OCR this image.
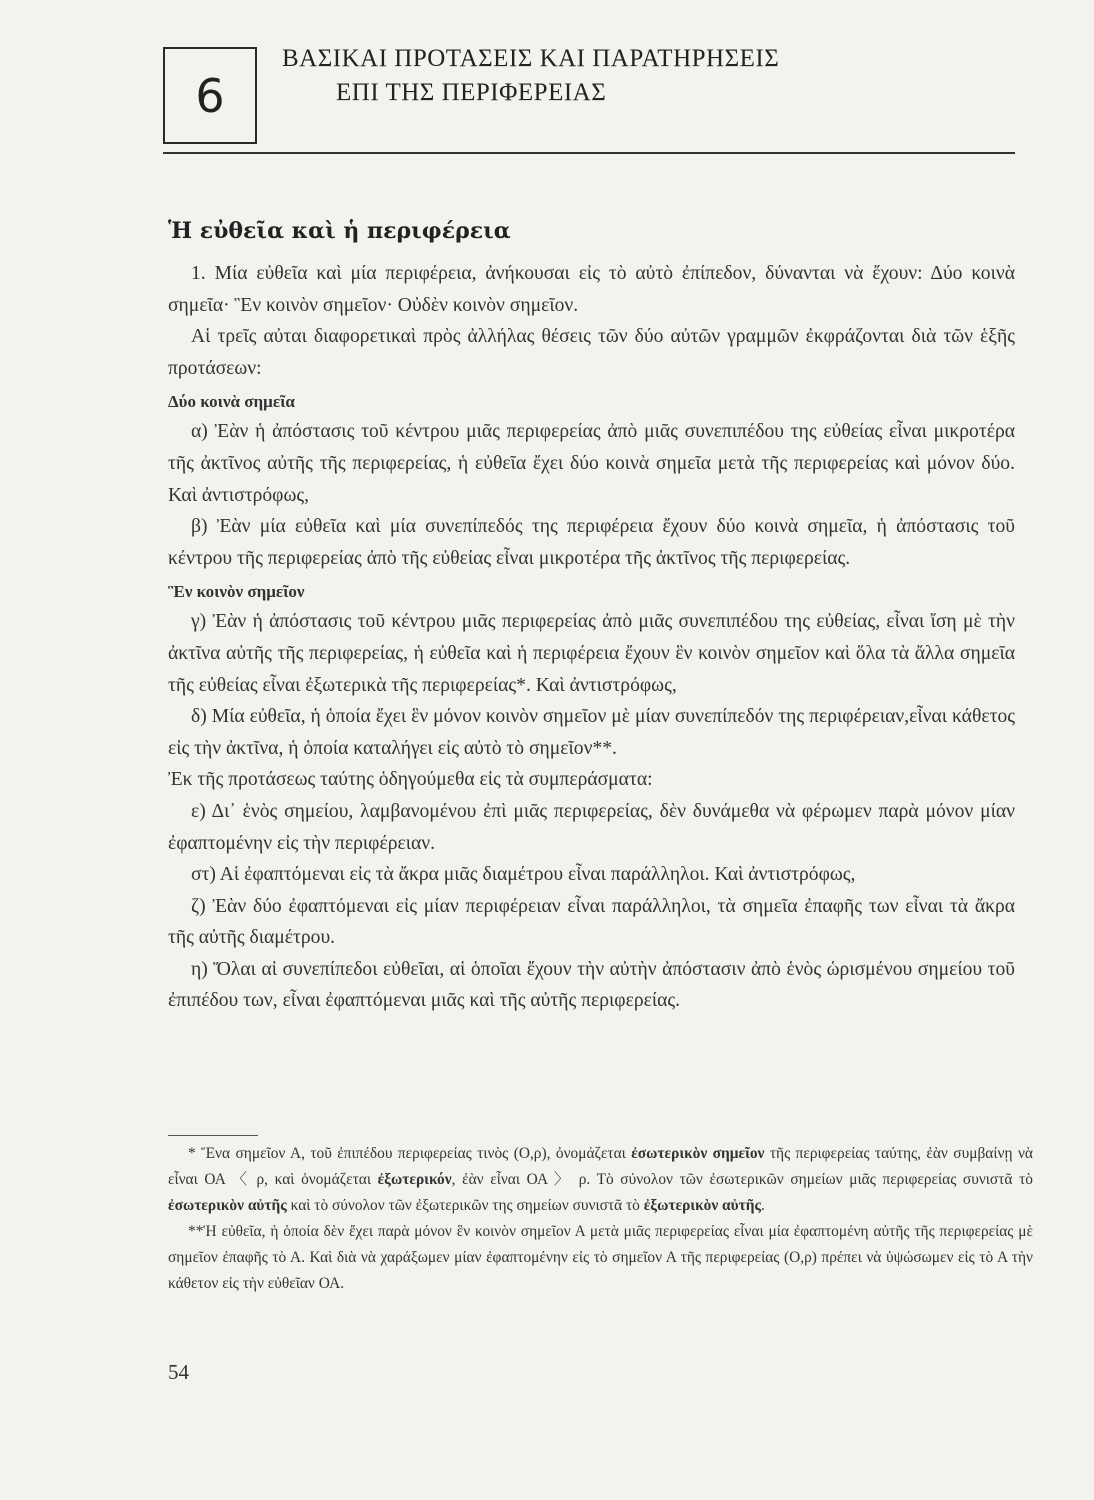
6
ΒΑΣΙΚΑΙ ΠΡΟΤΑΣΕΙΣ ΚΑΙ ΠΑΡΑΤΗΡΗΣΕΙΣ
ΕΠΙ ΤΗΣ ΠΕΡΙΦΕΡΕΙΑΣ
Ἡ εὐθεῖα καὶ ἡ περιφέρεια

1. Μία εὐθεῖα καὶ μία περιφέρεια, ἀνήκουσαι εἰς τὸ αὐτὸ ἐπίπεδον, δύνανται νὰ ἔχουν: Δύο κοινὰ σημεῖα· Ἓν κοινὸν σημεῖον· Οὐδὲν κοινὸν σημεῖον.

Αἱ τρεῖς αὐται διαφορετικαὶ πρὸς ἀλλήλας θέσεις τῶν δύο αὐτῶν γραμμῶν ἐκφράζονται διὰ τῶν ἑξῆς προτάσεων:

Δύο κοινὰ σημεῖα

α) Ἐὰν ἡ ἀπόστασις τοῦ κέντρου μιᾶς περιφερείας ἀπὸ μιᾶς συνεπιπέδου της εὐθείας εἶναι μικροτέρα τῆς ἀκτῖνος αὐτῆς τῆς περιφερείας, ἡ εὐθεῖα ἔχει δύο κοινὰ σημεῖα μετὰ τῆς περιφερείας καὶ μόνον δύο. Καὶ ἀντιστρόφως,

β) Ἐὰν μία εὐθεῖα καὶ μία συνεπίπεδός της περιφέρεια ἔχουν δύο κοινὰ σημεῖα, ἡ ἀπόστασις τοῦ κέντρου τῆς περιφερείας ἀπὸ τῆς εὐθείας εἶναι μικροτέρα τῆς ἀκτῖνος τῆς περιφερείας.

Ἓν κοινὸν σημεῖον

γ) Ἐὰν ἡ ἀπόστασις τοῦ κέντρου μιᾶς περιφερείας ἀπὸ μιᾶς συνεπιπέδου της εὐθείας, εἶναι ἴση μὲ τὴν ἀκτῖνα αὐτῆς τῆς περιφερείας, ἡ εὐθεῖα καὶ ἡ περιφέρεια ἔχουν ἓν κοινὸν σημεῖον καὶ ὅλα τὰ ἄλλα σημεῖα τῆς εὐθείας εἶναι ἐξωτερικὰ τῆς περιφερείας*. Καὶ ἀντιστρόφως,

δ) Μία εὐθεῖα, ἡ ὁποία ἔχει ἓν μόνον κοινὸν σημεῖον μὲ μίαν συνεπίπεδόν της περιφέρειαν,εἶναι κάθετος εἰς τὴν ἀκτῖνα, ἡ ὁποία καταλήγει εἰς αὐτὸ τὸ σημεῖον**.

Ἐκ τῆς προτάσεως ταύτης ὁδηγούμεθα εἰς τὰ συμπεράσματα:

ε) Δι᾽ ἑνὸς σημείου, λαμβανομένου ἐπὶ μιᾶς περιφερείας, δὲν δυνάμεθα νὰ φέρωμεν παρὰ μόνον μίαν ἐφαπτομένην εἰς τὴν περιφέρειαν.

στ) Αἱ ἐφαπτόμεναι εἰς τὰ ἄκρα μιᾶς διαμέτρου εἶναι παράλληλοι. Καὶ ἀντιστρόφως,

ζ) Ἐὰν δύο ἐφαπτόμεναι εἰς μίαν περιφέρειαν εἶναι παράλληλοι, τὰ σημεῖα ἐπαφῆς των εἶναι τὰ ἄκρα τῆς αὐτῆς διαμέτρου.

η) Ὅλαι αἱ συνεπίπεδοι εὐθεῖαι, αἱ ὁποῖαι ἔχουν τὴν αὐτὴν ἀπόστασιν ἀπὸ ἑνὸς ὡρισμένου σημείου τοῦ ἐπιπέδου των, εἶναι ἐφαπτόμεναι μιᾶς καὶ τῆς αὐτῆς περιφερείας.

* Ἕνα σημεῖον Α, τοῦ ἐπιπέδου περιφερείας τινὸς (Ο,ρ), ὀνομάζεται ἐσωτερικὸν σημεῖον τῆς περιφερείας ταύτης, ἐὰν συμβαίνῃ νὰ εἶναι ΟΑ 〈 ρ, καὶ ὀνομάζεται ἐξωτερικόν, ἐὰν εἶναι ΟΑ 〉 ρ. Τὸ σύνολον τῶν ἐσωτερικῶν σημείων μιᾶς περιφερείας συνιστᾶ τὸ ἐσωτερικὸν αὐτῆς καὶ τὸ σύνολον τῶν ἐξωτερικῶν της σημείων συνιστᾶ τὸ ἐξωτερικὸν αὐτῆς.

**Ἡ εὐθεῖα, ἡ ὁποία δὲν ἔχει παρὰ μόνον ἓν κοινὸν σημεῖον Α μετὰ μιᾶς περιφερείας εἶναι μία ἐφαπτομένη αὐτῆς τῆς περιφερείας μὲ σημεῖον ἐπαφῆς τὸ Α. Καὶ διὰ νὰ χαράξωμεν μίαν ἐφαπτομένην εἰς τὸ σημεῖον Α τῆς περιφερείας (Ο,ρ) πρέπει νὰ ὑψώσωμεν εἰς τὸ Α τὴν κάθετον εἰς τὴν εὐθεῖαν ΟΑ.

54
